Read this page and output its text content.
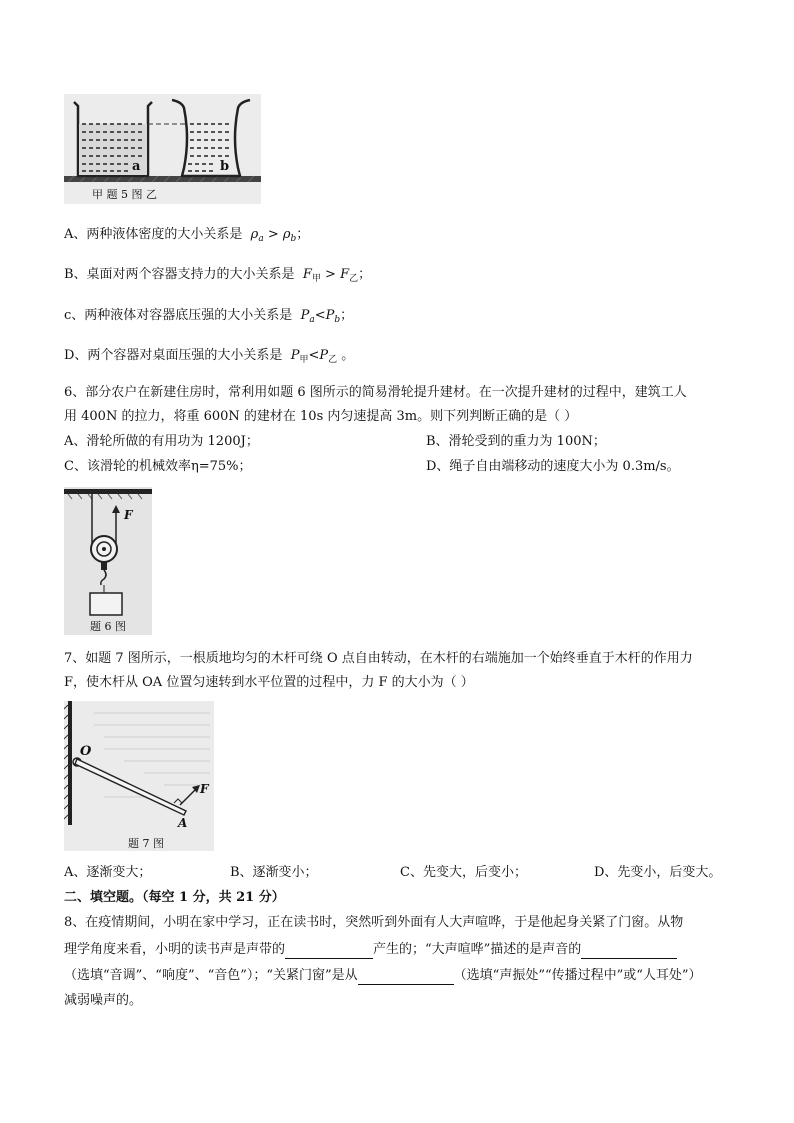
a	b
甲 题 5 图 乙
A、两种液体密度的大小关系是 $\rho_a > \rho_b$；
B、桌面对两个容器支持力的大小关系是 $F_甲 > F_乙$；
c、两种液体对容器底压强的大小关系是 $P_a<P_b$；
D、两个容器对桌面压强的大小关系是 $P_甲<P_乙$ 。
6、部分农户在新建住房时，常利用如题 6 图所示的简易滑轮提升建材。在一次提升建材的过程中，建筑工人
用 400N 的拉力，将重 600N 的建材在 10s 内匀速提高 3m。则下列判断正确的是（ ）
A、滑轮所做的有用功为 1200J；	B、滑轮受到的重力为 100N；
C、该滑轮的机械效率η=75%；	D、绳子自由端移动的速度大小为 0.3m/s。
F
题 6 图
7、如题 7 图所示，一根质地均匀的木杆可绕 O 点自由转动，在木杆的右端施加一个始终垂直于木杆的作用力
F，使木杆从 OA 位置匀速转到水平位置的过程中，力 F 的大小为（ ）
O
F
A
题 7 图
A、逐渐变大；	B、逐渐变小；	C、先变大，后变小；	D、先变小，后变大。
二、填空题。（每空 1 分，共 21 分）
8、在疫情期间，小明在家中学习，正在读书时，突然听到外面有人大声喧哗，于是他起身关紧了门窗。从物
理学角度来看，小明的读书声是声带的	产生的；“大声喧哗”描述的是声音的
（选填“音调”、“响度”、“音色”）；“关紧门窗”是从	（选填“声振处”“传播过程中”或“人耳处”）
减弱噪声的。
